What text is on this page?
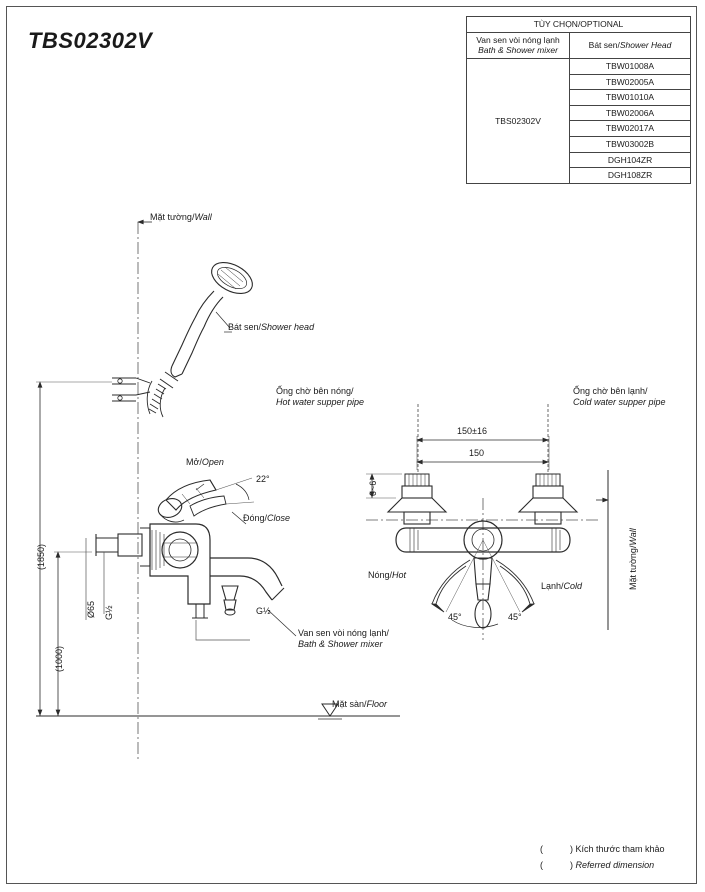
TBS02302V
TÙY CHỌN/OPTIONAL	
Van sen vòi nóng lạnh
Bath & Shower mixer	Bát sen/Shower Head
TBS02302V	TBW01008A
	TBW02005A
	TBW01010A
	TBW02006A
	TBW02017A
	TBW03002B
	DGH104ZR
	DGH108ZR
Mặt tường/Wall
Bát sen/Shower head
Mở/Open
Đóng/Close
Van sen vòi nóng lạnh/
Bath & Shower mixer
Ống chờ bên nóng/
Hot water supper pipe
Ống chờ bên lạnh/
Cold water supper pipe
Nóng/Hot
Lạnh/Cold	Mặt tường/Wall
Mặt sàn/Floor
(1850)
(1000)
Ø65 G½	G½
22°
150±16
150
0~6
45°	45°
(	) Kích thước tham khảo
(	) Referred dimension
